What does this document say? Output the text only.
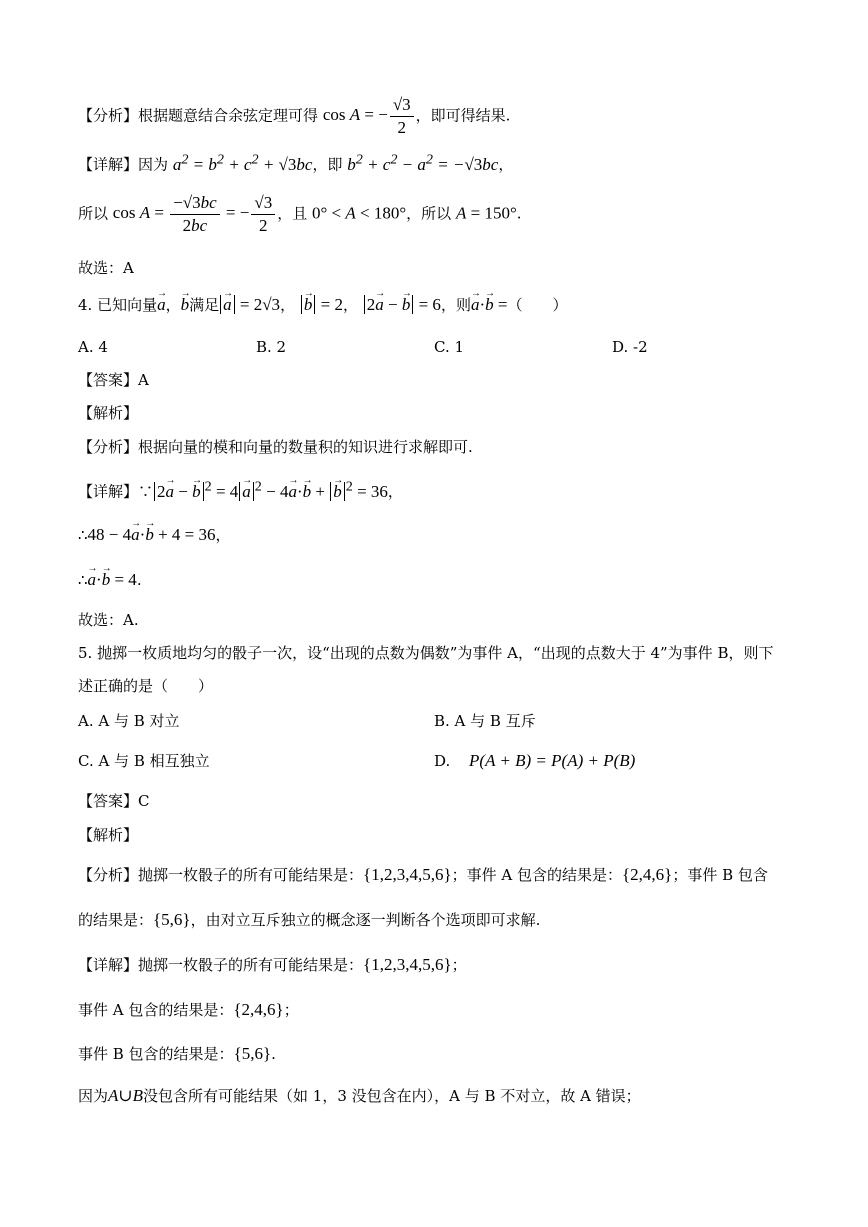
【分析】根据题意结合余弦定理可得 cos A = − $\frac{√3}{2}$ ，即可得结果.
【详解】因为 $a^2 = b^2 + c^2 + √3bc$，即 $b^2 + c^2 - a^2 = -√3bc$，
所以 $\cos A = \frac{-√3bc}{2bc}$ = − $\frac{√3}{2}$ ，且 0° < A < 180°，所以 A = 150°.
故选：A
4. 已知向量→ a，→ b满足 → a = 2√3， → b = 2， 2→ a − → b = 6，则→ a·→ b =（　　）
A. 4	B. 2	C. 1	D. -2
【答案】A
【解析】
【分析】根据向量的模和向量的数量积的知识进行求解即可.
【详解】∵ 2→ a − → b $^2$ = 4 → a $^2$ − 4→ a·→ b + → b $^2$ = 36，
∴48 − 4→ a·→ b + 4 = 36，
∴→ a·→ b = 4.
故选：A.
5. 抛掷一枚质地均匀的骰子一次，设“出现的点数为偶数”为事件 A，“出现的点数大于 4”为事件 B，则下
述正确的是（　　）
A. A 与 B 对立	B. A 与 B 互斥
C. A 与 B 相互独立	D. P(A + B) = P(A) + P(B)
【答案】C
【解析】
【分析】抛掷一枚骰子的所有可能结果是：{1,2,3,4,5,6}；事件 A 包含的结果是：{2,4,6}；事件 B 包含
的结果是：{5,6}，由对立互斥独立的概念逐一判断各个选项即可求解.
【详解】抛掷一枚骰子的所有可能结果是：{1,2,3,4,5,6}；
事件 A 包含的结果是：{2,4,6}；
事件 B 包含的结果是：{5,6}.
因为A∪B没包含所有可能结果（如 1，3 没包含在内），A 与 B 不对立，故 A 错误；
